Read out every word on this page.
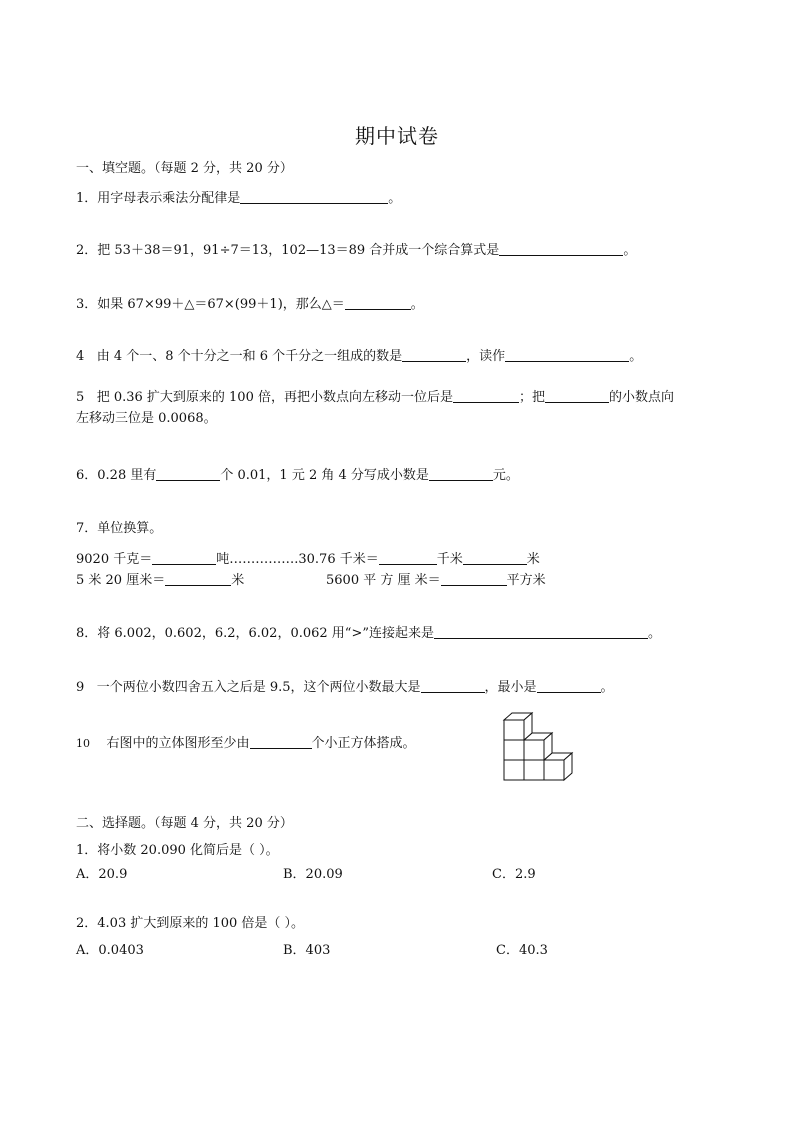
期中试卷
一、填空题。（每题 2 分，共 20 分）
1．用字母表示乘法分配律是	。
2．把 53＋38＝91，91÷7＝13，102—13＝89 合并成一个综合算式是	。
3．如果 67×99＋△＝67×(99＋1)，那么△＝	。
4 由 4 个一、8 个十分之一和 6 个千分之一组成的数是	，读作	。
5 把 0.36 扩大到原来的 100 倍，再把小数点向左移动一位后是	；把	的小数点向
左移动三位是 0.0068。
6．0.28 里有	个 0.01，1 元 2 角 4 分写成小数是	元。
7．单位换算。
9020 千克＝	吨…………….30.76 千米＝	千米	米
5 米 20 厘米＝	米	5600 平 方 厘 米＝	平方米
8．将 6.002，0.602，6.2，6.02，0.062 用“>”连接起来是	。
9 一个两位小数四舍五入之后是 9.5，这个两位小数最大是	，最小是	。
10 右图中的立体图形至少由	个小正方体搭成。
二、选择题。（每题 4 分，共 20 分）
1．将小数 20.090 化简后是（ ）。
A．20.9	B．20.09	C．2.9
2．4.03 扩大到原来的 100 倍是（ ）。
A．0.0403	B．403	C．40.3
